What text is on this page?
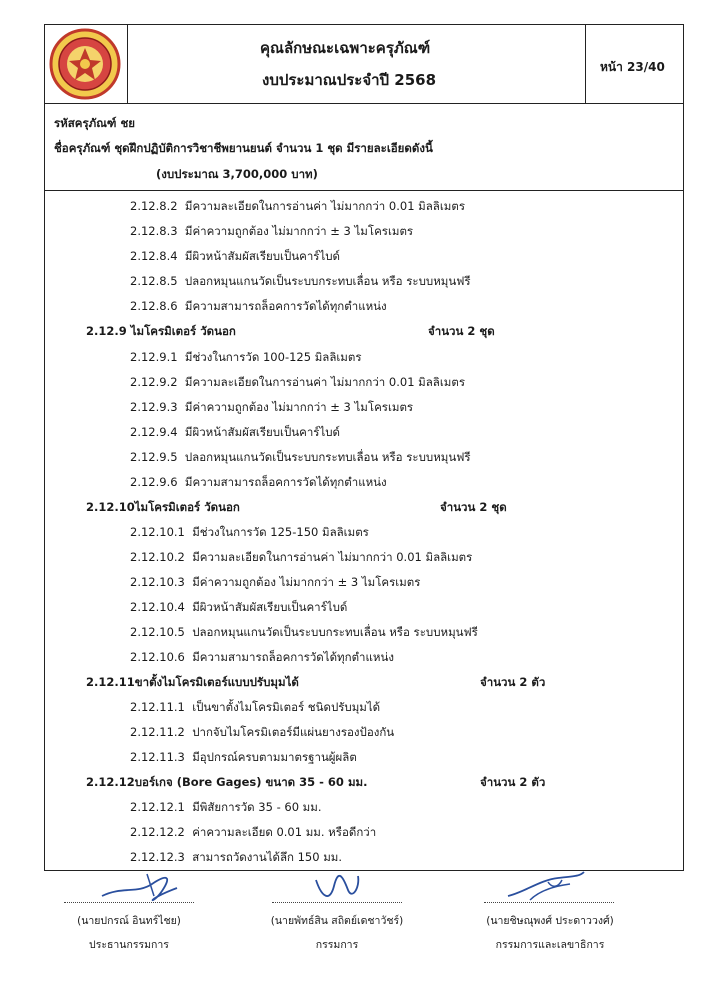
คุณลักษณะเฉพาะครุภัณฑ์
งบประมาณประจำปี 2568
หน้า 23/40
รหัสครุภัณฑ์ ชย
ชื่อครุภัณฑ์ ชุดฝึกปฏิบัติการวิชาชีพยานยนต์ จำนวน 1 ชุด มีรายละเอียดดังนี้
(งบประมาณ 3,700,000 บาท)
2.12.8.2 มีความละเอียดในการอ่านค่า ไม่มากกว่า 0.01 มิลลิเมตร
2.12.8.3 มีค่าความถูกต้อง ไม่มากกว่า ± 3 ไมโครเมตร
2.12.8.4 มีผิวหน้าสัมผัสเรียบเป็นคาร์ไบด์
2.12.8.5 ปลอกหมุนแกนวัดเป็นระบบกระทบเลื่อน หรือ ระบบหมุนฟรี
2.12.8.6 มีความสามารถล็อคการวัดได้ทุกตำแหน่ง
2.12.9 ไมโครมิเตอร์ วัดนอก	จำนวน 2 ชุด
2.12.9.1 มีช่วงในการวัด 100-125 มิลลิเมตร
2.12.9.2 มีความละเอียดในการอ่านค่า ไม่มากกว่า 0.01 มิลลิเมตร
2.12.9.3 มีค่าความถูกต้อง ไม่มากกว่า ± 3 ไมโครเมตร
2.12.9.4 มีผิวหน้าสัมผัสเรียบเป็นคาร์ไบด์
2.12.9.5 ปลอกหมุนแกนวัดเป็นระบบกระทบเลื่อน หรือ ระบบหมุนฟรี
2.12.9.6 มีความสามารถล็อคการวัดได้ทุกตำแหน่ง
2.12.10ไมโครมิเตอร์ วัดนอก	จำนวน 2 ชุด
2.12.10.1 มีช่วงในการวัด 125-150 มิลลิเมตร
2.12.10.2 มีความละเอียดในการอ่านค่า ไม่มากกว่า 0.01 มิลลิเมตร
2.12.10.3 มีค่าความถูกต้อง ไม่มากกว่า ± 3 ไมโครเมตร
2.12.10.4 มีผิวหน้าสัมผัสเรียบเป็นคาร์ไบด์
2.12.10.5 ปลอกหมุนแกนวัดเป็นระบบกระทบเลื่อน หรือ ระบบหมุนฟรี
2.12.10.6 มีความสามารถล็อคการวัดได้ทุกตำแหน่ง
2.12.11ขาตั้งไมโครมิเตอร์แบบปรับมุมได้	จำนวน 2 ตัว
2.12.11.1 เป็นขาตั้งไมโครมิเตอร์ ชนิดปรับมุมได้
2.12.11.2 ปากจับไมโครมิเตอร์มีแผ่นยางรองป้องกัน
2.12.11.3 มีอุปกรณ์ครบตามมาตรฐานผู้ผลิต
2.12.12บอร์เกจ (Bore Gages) ขนาด 35 - 60 มม.	จำนวน 2 ตัว
2.12.12.1 มีพิสัยการวัด 35 - 60 มม.
2.12.12.2 ค่าความละเอียด 0.01 มม. หรือดีกว่า
2.12.12.3 สามารถวัดงานได้ลึก 150 มม.
(นายปกรณ์ อินทร์ไชย)
ประธานกรรมการ
(นายพัทธ์สิน สถิตย์เดชาวัชร์)
กรรมการ
(นายชิษณุพงศ์ ประดาววงศ์)
กรรมการและเลขาธิการ
